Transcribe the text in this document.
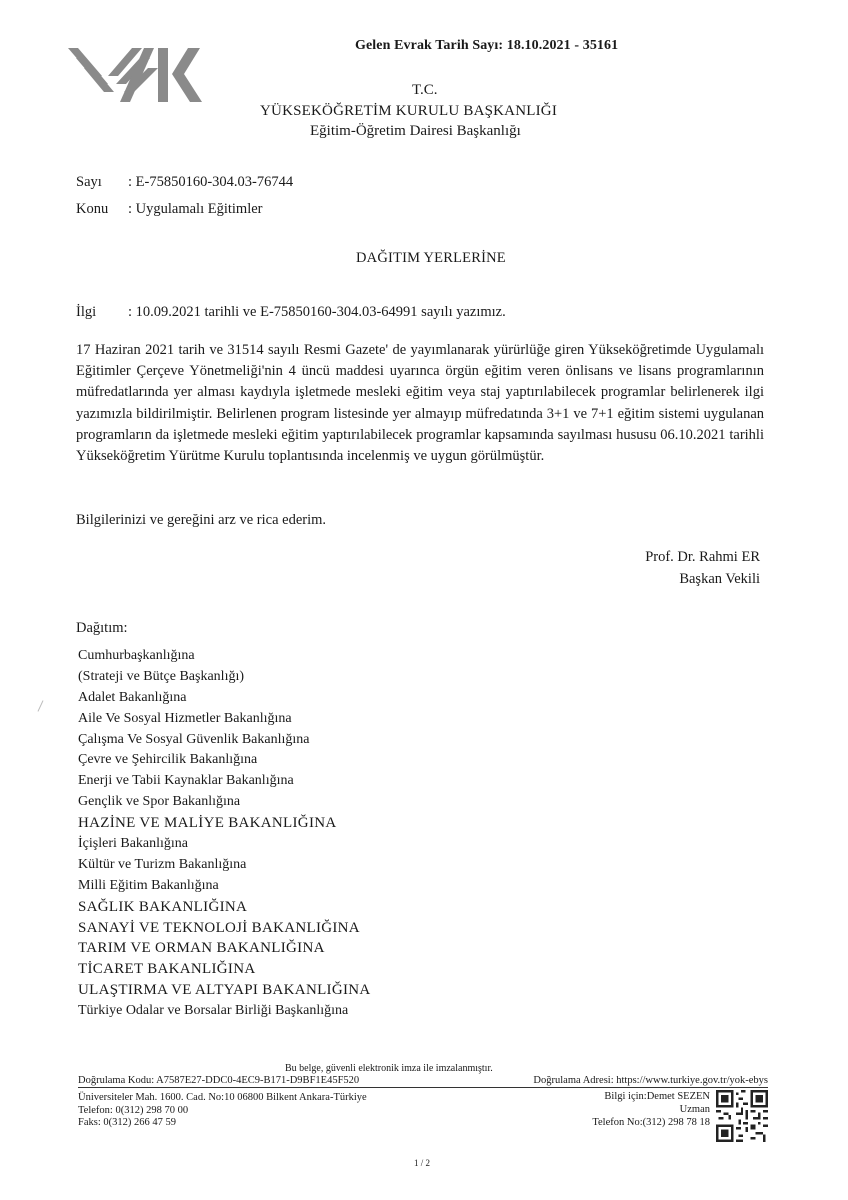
Gelen Evrak Tarih Sayı: 18.10.2021 - 35161
T.C.
YÜKSEKÖĞRETİM KURULU BAŞKANLIĞI
Eğitim-Öğretim Dairesi Başkanlığı
Sayı : E-75850160-304.03-76744
Konu : Uygulamalı Eğitimler
DAĞITIM YERLERİNE
İlgi : 10.09.2021 tarihli ve E-75850160-304.03-64991 sayılı yazımız.
17 Haziran 2021 tarih ve 31514 sayılı Resmi Gazete' de yayımlanarak yürürlüğe giren Yükseköğretimde Uygulamalı Eğitimler Çerçeve Yönetmeliği'nin 4 üncü maddesi uyarınca örgün eğitim veren önlisans ve lisans programlarının müfredatlarında yer alması kaydıyla işletmede mesleki eğitim veya staj yaptırılabilecek programlar belirlenerek ilgi yazımızla bildirilmiştir. Belirlenen program listesinde yer almayıp müfredatında 3+1 ve 7+1 eğitim sistemi uygulanan programların da işletmede mesleki eğitim yaptırılabilecek programlar kapsamında sayılması hususu 06.10.2021 tarihli Yükseköğretim Yürütme Kurulu toplantısında incelenmiş ve uygun görülmüştür.
Bilgilerinizi ve gereğini arz ve rica ederim.
Prof. Dr. Rahmi ER
Başkan Vekili
Dağıtım:
Cumhurbaşkanlığına
(Strateji ve Bütçe Başkanlığı)
Adalet Bakanlığına
Aile Ve Sosyal Hizmetler Bakanlığına
Çalışma Ve Sosyal Güvenlik Bakanlığına
Çevre ve Şehircilik Bakanlığına
Enerji ve Tabii Kaynaklar Bakanlığına
Gençlik ve Spor Bakanlığına
HAZİNE VE MALİYE BAKANLIĞINA
İçişleri Bakanlığına
Kültür ve Turizm Bakanlığına
Milli Eğitim Bakanlığına
SAĞLIK BAKANLIĞINA
SANAYİ VE TEKNOLOJİ BAKANLIĞINA
TARIM VE ORMAN BAKANLIĞINA
TİCARET BAKANLIĞINA
ULAŞTIRMA VE ALTYAPI BAKANLIĞINA
Türkiye Odalar ve Borsalar Birliği Başkanlığına
Bu belge, güvenli elektronik imza ile imzalanmıştır.
Doğrulama Kodu: A7587E27-DDC0-4EC9-B171-D9BF1E45F520	Doğrulama Adresi: https://www.turkiye.gov.tr/yok-ebys
Üniversiteler Mah. 1600. Cad. No:10 06800 Bilkent Ankara-Türkiye
Telefon: 0(312) 298 70 00
Faks: 0(312) 266 47 59
Bilgi için:Demet SEZEN
Uzman
Telefon No:(312) 298 78 18
1 / 2
